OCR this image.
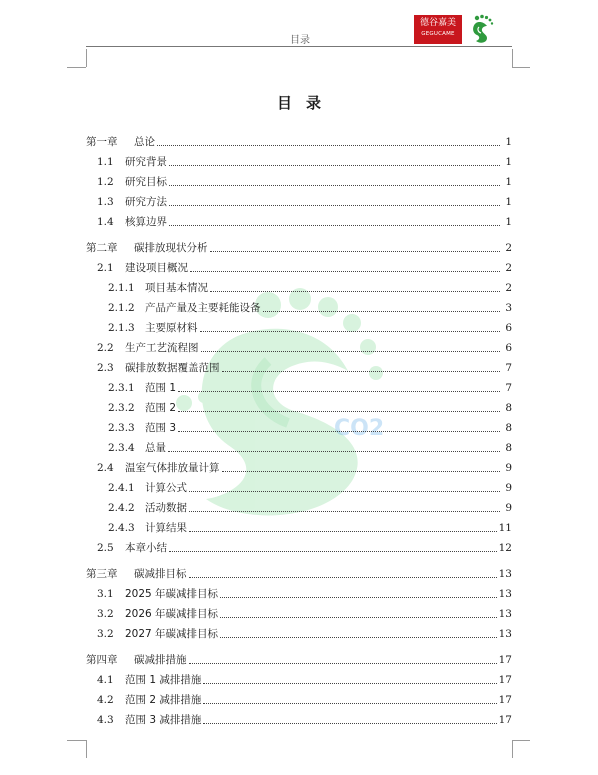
目录
德谷嘉美
GEGUCAME
CO2
目录
第一章	总论	1
1.1	研究背景	1
1.2	研究目标	1
1.3	研究方法	1
1.4	核算边界	1
第二章	碳排放现状分析	2
2.1	建设项目概况	2
2.1.1 项目基本情况	2
2.1.2 产品产量及主要耗能设备	3
2.1.3 主要原材料	6
2.2	生产工艺流程图	6
2.3	碳排放数据覆盖范围	7
2.3.1 范围 1	7
2.3.2 范围 2	8
2.3.3 范围 3	8
2.3.4 总量	8
2.4	温室气体排放量计算	9
2.4.1 计算公式	9
2.4.2 活动数据	9
2.4.3 计算结果	11
2.5	本章小结	12
第三章	碳减排目标	13
3.1	2025 年碳减排目标	13
3.2	2026 年碳减排目标	13
3.2	2027 年碳减排目标	13
第四章	碳减排措施	17
4.1	范围 1 减排措施	17
4.2	范围 2 减排措施	17
4.3	范围 3 减排措施	17
